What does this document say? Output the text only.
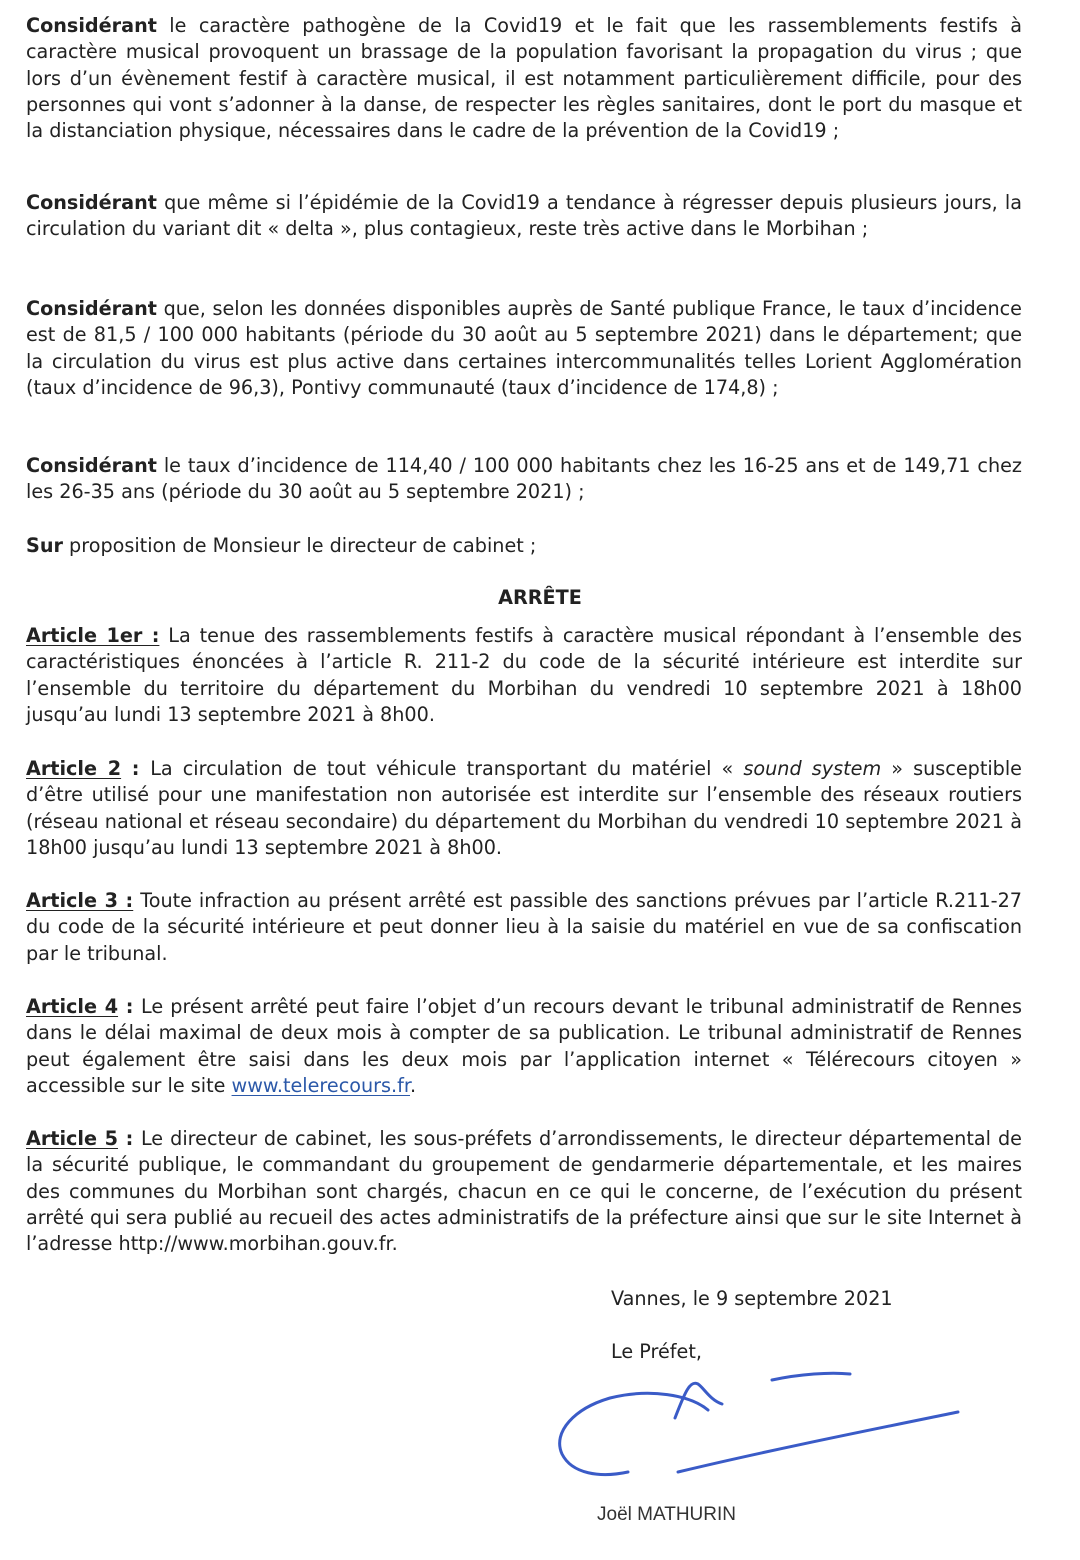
Considérant le caractère pathogène de la Covid19 et le fait que les rassemblements festifs à caractère musical provoquent un brassage de la population favorisant la propagation du virus ; que lors d’un évènement festif à caractère musical, il est notamment particulièrement difficile, pour des personnes qui vont s’adonner à la danse, de respecter les règles sanitaires, dont le port du masque et la distanciation physique, nécessaires dans le cadre de la prévention de la Covid19 ;

Considérant que même si l’épidémie de la Covid19 a tendance à régresser depuis plusieurs jours, la circulation du variant dit « delta », plus contagieux, reste très active dans le Morbihan ;

Considérant que, selon les données disponibles auprès de Santé publique France, le taux d’incidence est de 81,5 / 100 000 habitants (période du 30 août au 5 septembre 2021) dans le département; que la circulation du virus est plus active dans certaines intercommunalités telles Lorient Agglomération (taux d’incidence de 96,3), Pontivy communauté (taux d’incidence de 174,8) ;

Considérant le taux d’incidence de 114,40 / 100 000 habitants chez les 16-25 ans et de 149,71 chez les 26-35 ans (période du 30 août au 5 septembre 2021) ;

Sur proposition de Monsieur le directeur de cabinet ;

ARRÊTE

Article 1er : La tenue des rassemblements festifs à caractère musical répondant à l’ensemble des caractéristiques énoncées à l’article R. 211-2 du code de la sécurité intérieure est interdite sur l’ensemble du territoire du département du Morbihan du vendredi 10 septembre 2021 à 18h00 jusqu’au lundi 13 septembre 2021 à 8h00.

Article 2 : La circulation de tout véhicule transportant du matériel « sound system » susceptible d’être utilisé pour une manifestation non autorisée est interdite sur l’ensemble des réseaux routiers (réseau national et réseau secondaire) du département du Morbihan du vendredi 10 septembre 2021 à 18h00 jusqu’au lundi 13 septembre 2021 à 8h00.

Article 3 : Toute infraction au présent arrêté est passible des sanctions prévues par l’article R.211-27 du code de la sécurité intérieure et peut donner lieu à la saisie du matériel en vue de sa confiscation par le tribunal.

Article 4 : Le présent arrêté peut faire l’objet d’un recours devant le tribunal administratif de Rennes dans le délai maximal de deux mois à compter de sa publication. Le tribunal administratif de Rennes peut également être saisi dans les deux mois par l’application internet « Télérecours citoyen » accessible sur le site www.telerecours.fr.

Article 5 : Le directeur de cabinet, les sous-préfets d’arrondissements, le directeur départemental de la sécurité publique, le commandant du groupement de gendarmerie départementale, et les maires des communes du Morbihan sont chargés, chacun en ce qui le concerne, de l’exécution du présent arrêté qui sera publié au recueil des actes administratifs de la préfecture ainsi que sur le site Internet à l’adresse http://www.morbihan.gouv.fr.

Vannes, le 9 septembre 2021

Le Préfet,

Joël MATHURIN
